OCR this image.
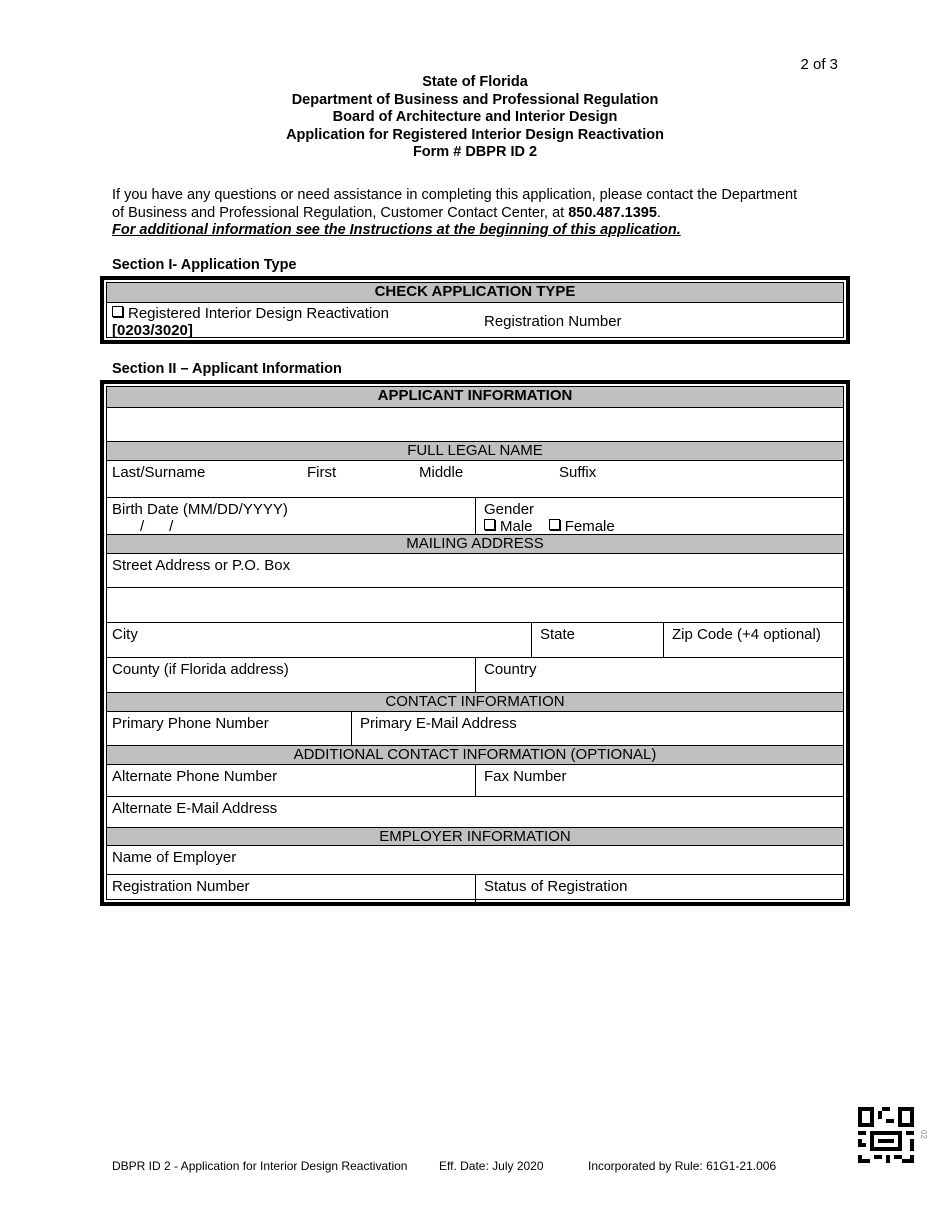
2 of 3
State of Florida
Department of Business and Professional Regulation
Board of Architecture and Interior Design
Application for Registered Interior Design Reactivation
Form # DBPR ID 2
If you have any questions or need assistance in completing this application, please contact the Department of Business and Professional Regulation, Customer Contact Center, at 850.487.1395.
For additional information see the Instructions at the beginning of this application.
Section I- Application Type
CHECK APPLICATION TYPE
Registered Interior Design Reactivation
[0203/3020]
Registration Number
Section II – Applicant Information
APPLICANT INFORMATION
FULL LEGAL NAME
Last/Surname	First	Middle	Suffix
Birth Date (MM/DD/YYYY)
/      /
Gender
Male Female
MAILING ADDRESS
Street Address or P.O. Box
City	State	Zip Code (+4 optional)
County (if Florida address)	Country
CONTACT INFORMATION
Primary Phone Number	Primary E-Mail Address
ADDITIONAL CONTACT INFORMATION (OPTIONAL)
Alternate Phone Number	Fax Number
Alternate E-Mail Address
EMPLOYER INFORMATION
Name of Employer
Registration Number	Status of Registration
DBPR ID 2 - Application for Interior Design Reactivation	Eff. Date: July 2020	Incorporated by Rule: 61G1-21.006
02
